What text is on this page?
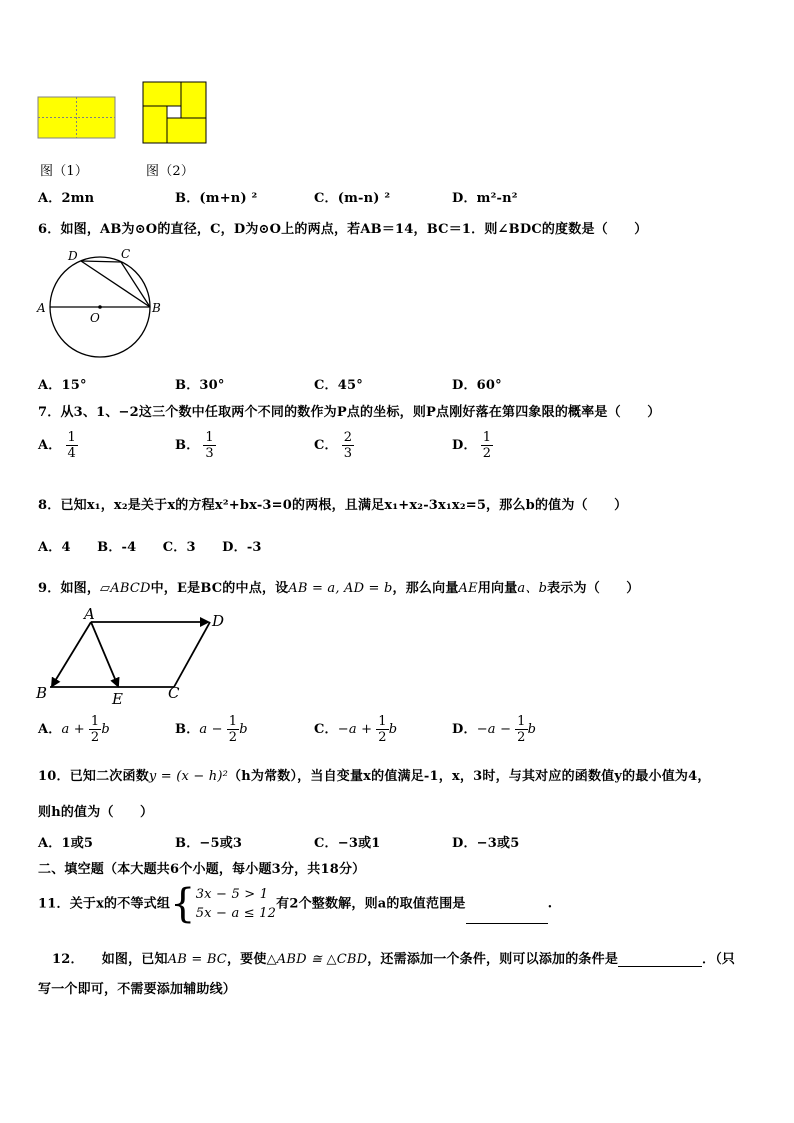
图（1）	图（2）
A．2mn	B．(m+n) ²	C．(m-n) ²	D．m²-n²
6．如图，AB为⊙O的直径，C，D为⊙O上的两点，若AB＝14，BC＝1．则∠BDC的度数是（　　）
A	B
C
D
O
A．15°	B．30°	C．45°	D．60°
7．从3、1、−2这三个数中任取两个不同的数作为P点的坐标，则P点刚好落在第四象限的概率是（　　）
A． $\frac{1}{4}$	B． $\frac{1}{3}$	C． $\frac{2}{3}$	D． $\frac{1}{2}$
8．已知x₁，x₂是关于x的方程x²+bx-3=0的两根，且满足x₁+x₂-3x₁x₂=5，那么b的值为（　　）
A．4　　B．-4　　C．3　　D．-3
9．如图，▱ABCD中，E是BC的中点，设AB = a, AD = b，那么向量AE用向量a、b表示为（　　）
A	D
B	E	C
A．$a + \frac{1}{2}$ b	B．$a - \frac{1}{2}$ b	C．$-a + \frac{1}{2}$ b	D．$-a - \frac{1}{2}$ b
10．已知二次函数y = (x − h)²（h为常数），当自变量x的值满足-1，x，3时，与其对应的函数值y的最小值为4，
则h的值为（　　）
A．1或5	B．−5或3	C．−3或1	D．−3或5
二、填空题（本大题共6个小题，每小题3分，共18分）
11．关于x的不等式组{ 3x − 5 > 1
5x − a ≤ 12
有2个整数解，则a的取值范围是	.
12． 如图，已知AB = BC，要使△ABD ≅ △CBD，还需添加一个条件，则可以添加的条件是	．（只
写一个即可，不需要添加辅助线）
